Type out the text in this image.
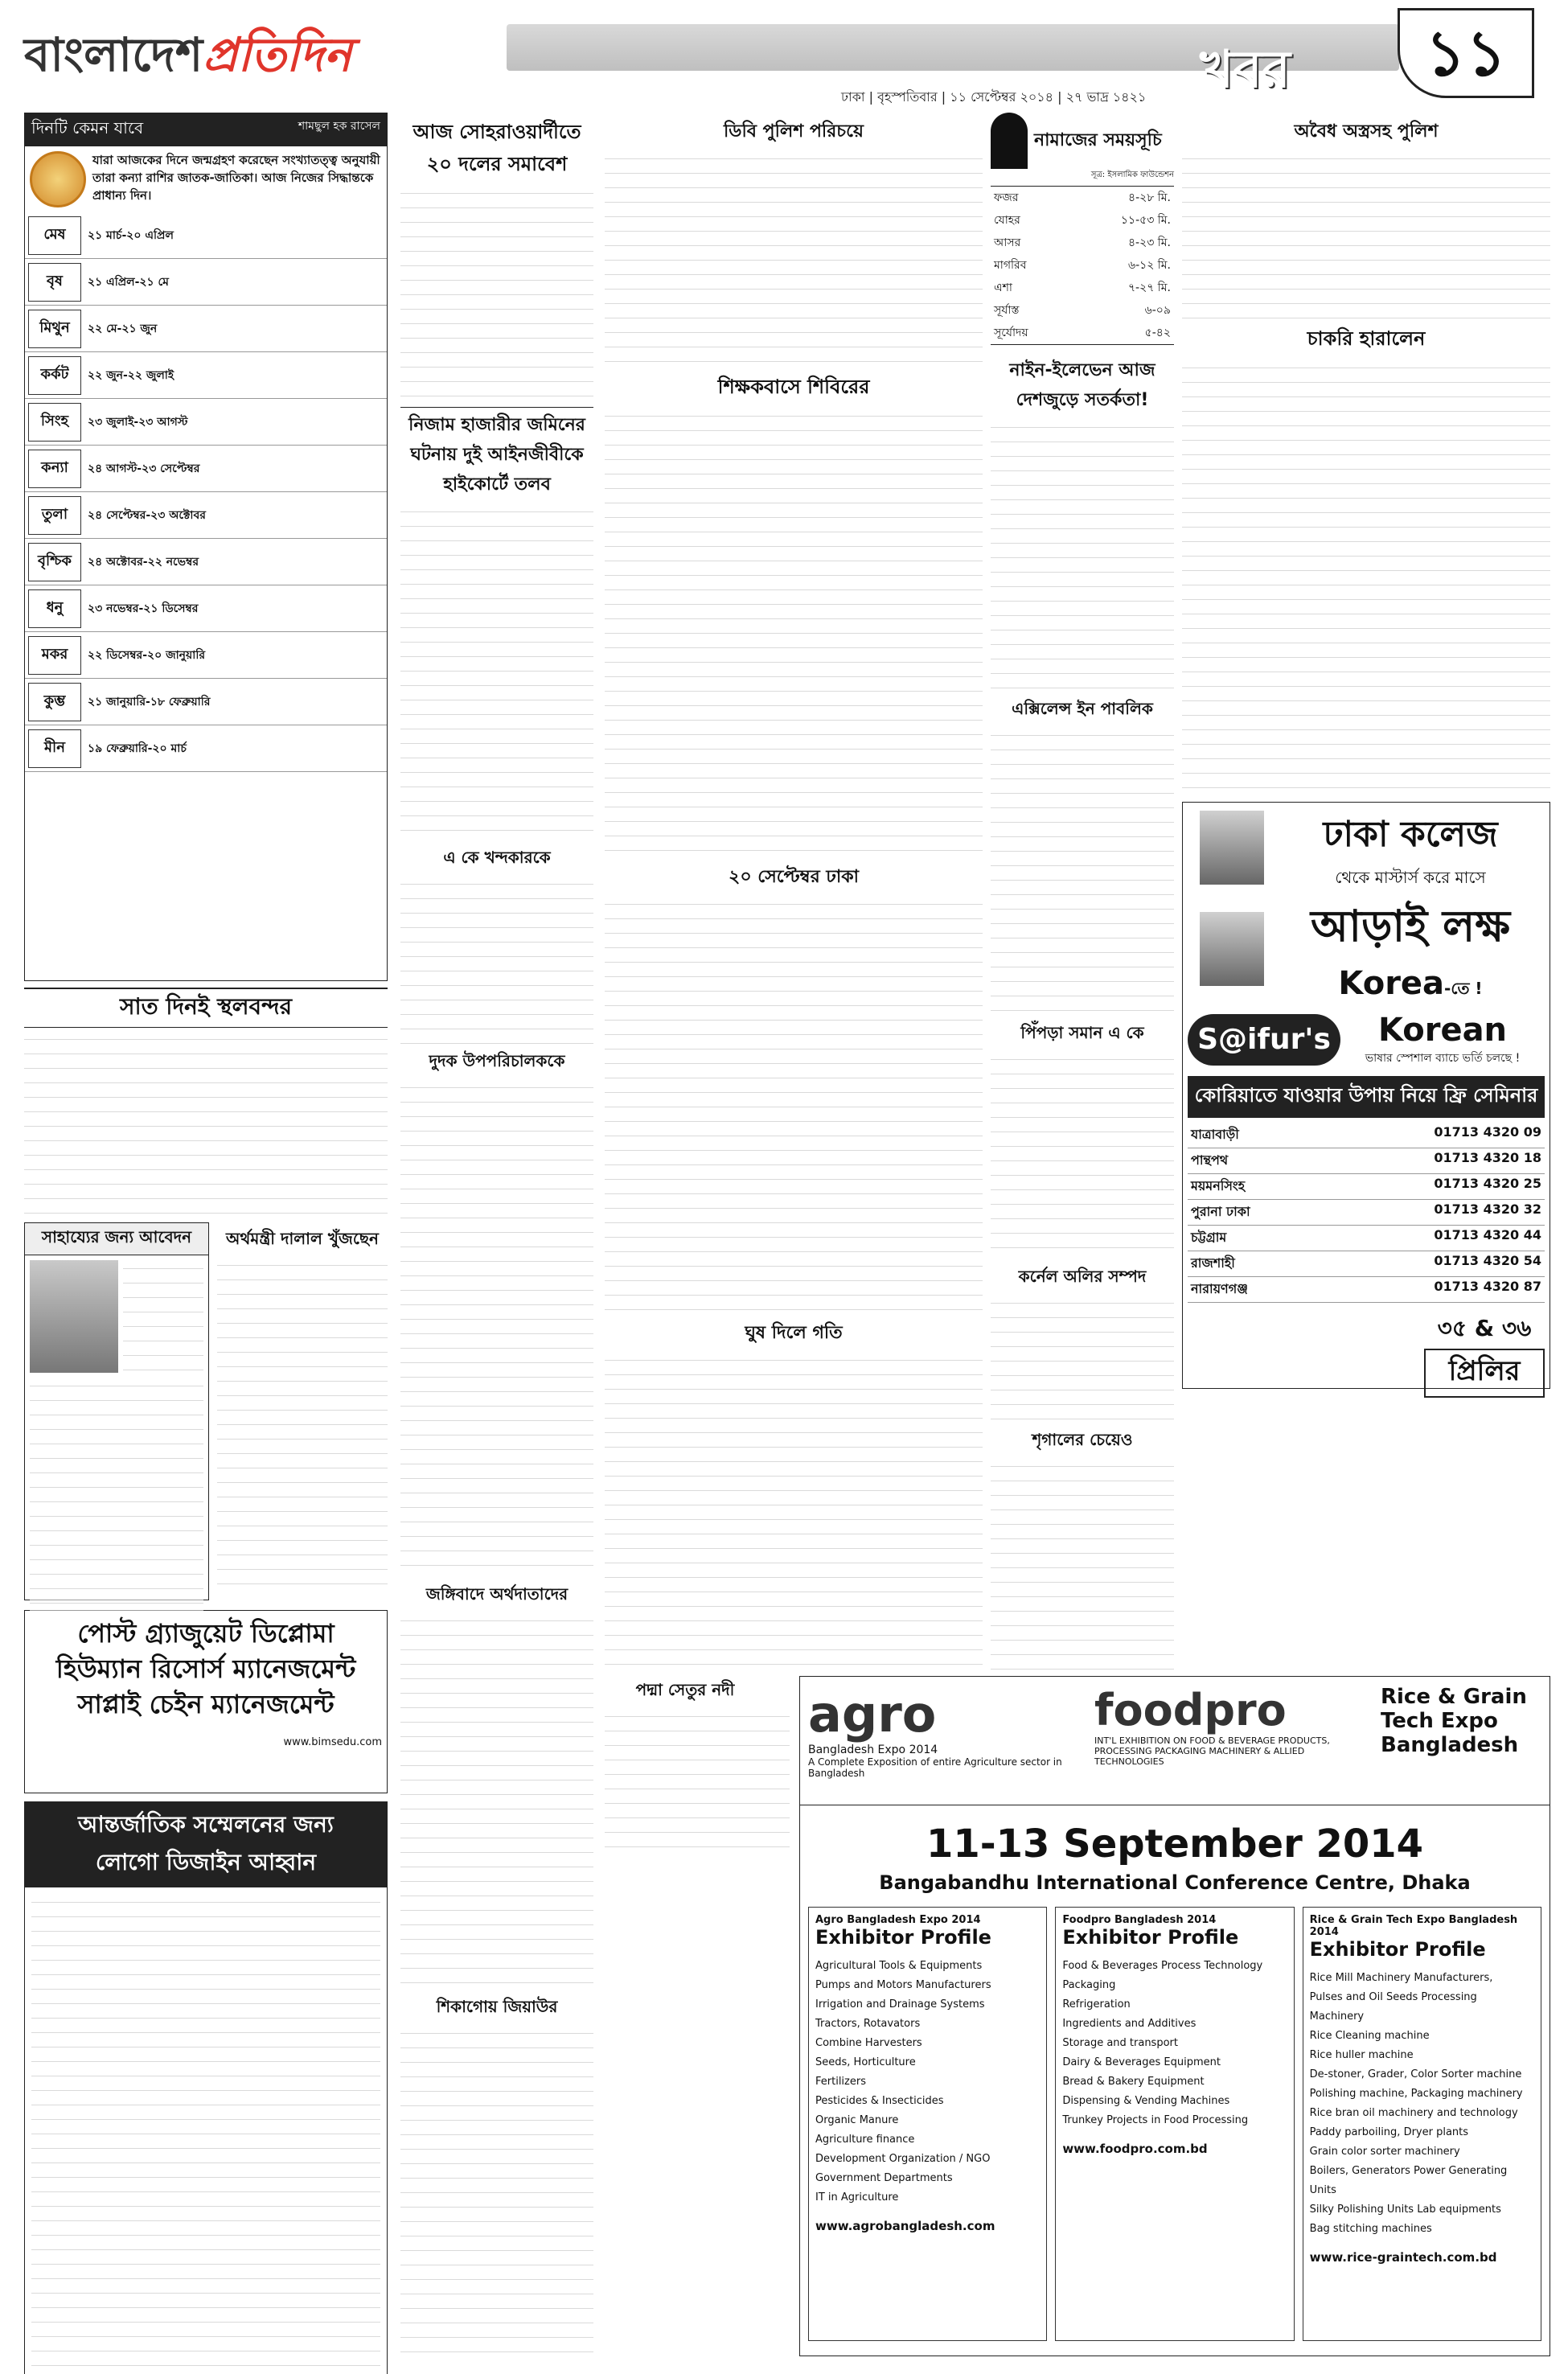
বাংলাদেশপ্রতিদিন	খবর
ঢাকা | বৃহস্পতিবার | ১১ সেপ্টেম্বর ২০১৪ | ২৭ ভাদ্র ১৪২১
১১
দিনটি কেমন যাবে	শামছুল হক রাসেল
যারা আজকের দিনে জন্মগ্রহণ করেছেন সংখ্যাতত্ত্ব অনুযায়ী তারা কন্যা রাশির জাতক-জাতিকা। আজ নিজের সিদ্ধান্তকে প্রাধান্য দিন।
মেষ	২১ মার্চ-২০ এপ্রিল
বৃষ	২১ এপ্রিল-২১ মে
মিথুন	২২ মে-২১ জুন
কর্কট	২২ জুন-২২ জুলাই
সিংহ	২৩ জুলাই-২৩ আগস্ট
কন্যা	২৪ আগস্ট-২৩ সেপ্টেম্বর
তুলা	২৪ সেপ্টেম্বর-২৩ অক্টোবর
বৃশ্চিক	২৪ অক্টোবর-২২ নভেম্বর
ধনু	২৩ নভেম্বর-২১ ডিসেম্বর
মকর	২২ ডিসেম্বর-২০ জানুয়ারি
কুম্ভ	২১ জানুয়ারি-১৮ ফেব্রুয়ারি
মীন	১৯ ফেব্রুয়ারি-২০ মার্চ
সাত দিনই স্থলবন্দর
সাহায্যের জন্য আবেদন	অর্থমন্ত্রী দালাল খুঁজছেন
পোস্ট গ্র্যাজুয়েট ডিপ্লোমা
হিউম্যান রিসোর্স ম্যানেজমেন্ট
সাপ্লাই চেইন ম্যানেজমেন্ট
www.bimsedu.com
আন্তর্জাতিক সম্মেলনের জন্য
লোগো ডিজাইন আহ্বান
আজ সোহরাওয়ার্দীতে ২০ দলের সমাবেশ
নিজাম হাজারীর জমিনের ঘটনায় দুই আইনজীবীকে হাইকোর্টে তলব
এ কে খন্দকারকে
দুদক উপপরিচালককে
জঙ্গিবাদে অর্থদাতাদের
শিকাগোয় জিয়াউর
ডিবি পুলিশ পরিচয়ে
শিক্ষকবাসে শিবিরের
২০ সেপ্টেম্বর ঢাকা
ঘুষ দিলে গতি
পদ্মা সেতুর নদী
নামাজের সময়সূচি
সূত্র: ইসলামিক ফাউন্ডেশন
ফজর	৪-২৮ মি.
যোহর	১১-৫৩ মি.
আসর	৪-২৩ মি.
মাগরিব	৬-১২ মি.
এশা	৭-২৭ মি.
সূর্যাস্ত	৬-০৯
সূর্যোদয়	৫-৪২
নাইন-ইলেভেন আজ দেশজুড়ে সতর্কতা!
এক্সিলেন্স ইন পাবলিক
পিঁপড়া সমান এ কে
কর্নেল অলির সম্পদ
শৃগালের চেয়েও
অবৈধ অস্ত্রসহ পুলিশ
চাকরি হারালেন
ঢাকা কলেজ
থেকে মাস্টার্স করে মাসে
আড়াই লক্ষ
Korea-তে !
S@ifur's	Korean
ভাষার স্পেশাল ব্যাচে ভর্তি চলছে !
কোরিয়াতে যাওয়ার উপায় নিয়ে ফ্রি সেমিনার
যাত্রাবাড়ী	01713 4320 09
পান্থপথ	01713 4320 18
ময়মনসিংহ	01713 4320 25
পুরানা ঢাকা	01713 4320 32
চট্টগ্রাম	01713 4320 44
রাজশাহী	01713 4320 54
নারায়ণগঞ্জ	01713 4320 87
৩৫ & ৩৬
প্রিলির
agro
Bangladesh Expo 2014
A Complete Exposition of entire Agriculture sector in Bangladesh
foodpro
INT'L EXHIBITION ON FOOD & BEVERAGE PRODUCTS, PROCESSING PACKAGING MACHINERY & ALLIED TECHNOLOGIES
Rice & Grain Tech Expo Bangladesh
11-13 September 2014
Bangabandhu International Conference Centre, Dhaka
Agro Bangladesh Expo 2014
Exhibitor Profile
Agricultural Tools & Equipments
Pumps and Motors Manufacturers
Irrigation and Drainage Systems
Tractors, Rotavators
Combine Harvesters
Seeds, Horticulture
Fertilizers
Pesticides & Insecticides
Organic Manure
Agriculture finance
Development Organization / NGO
Government Departments
IT in Agriculture
www.agrobangladesh.com
Foodpro Bangladesh 2014
Exhibitor Profile
Food & Beverages Process Technology
Packaging
Refrigeration
Ingredients and Additives
Storage and transport
Dairy & Beverages Equipment
Bread & Bakery Equipment
Dispensing & Vending Machines
Trunkey Projects in Food Processing
www.foodpro.com.bd
Rice & Grain Tech Expo Bangladesh 2014
Exhibitor Profile
Rice Mill Machinery Manufacturers,
Pulses and Oil Seeds Processing Machinery
Rice Cleaning machine
Rice huller machine
De-stoner, Grader, Color Sorter machine
Polishing machine, Packaging machinery
Rice bran oil machinery and technology
Paddy parboiling, Dryer plants
Grain color sorter machinery
Boilers, Generators Power Generating Units
Silky Polishing Units Lab equipments
Bag stitching machines
www.rice-graintech.com.bd
